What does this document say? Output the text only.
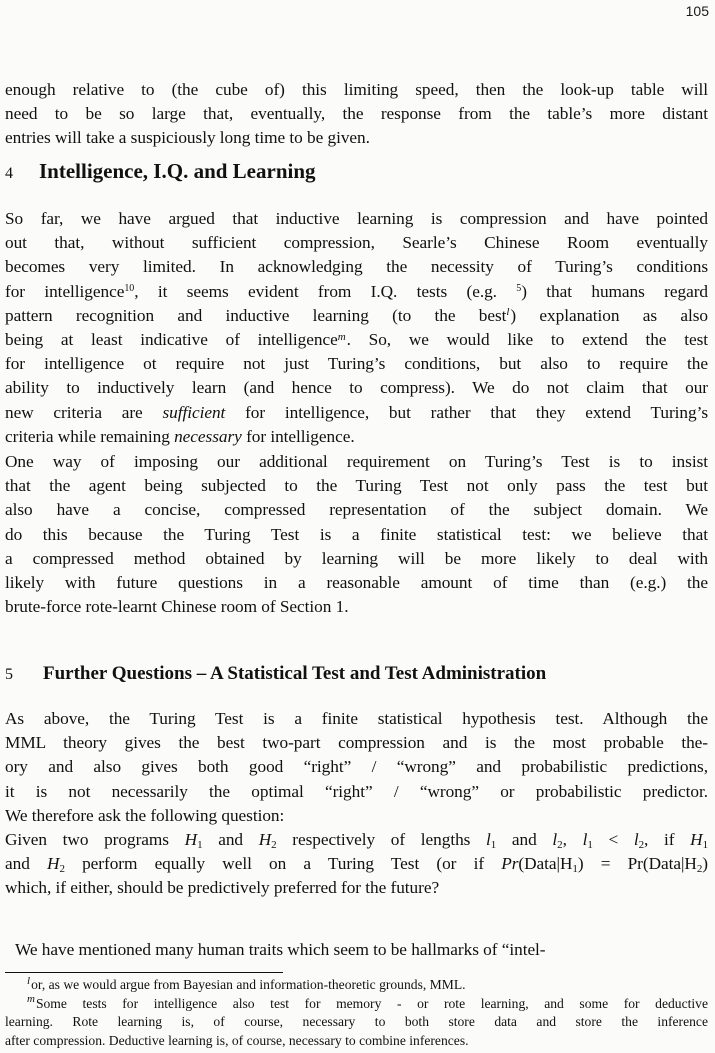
105
enough relative to (the cube of) this limiting speed, then the look-up table will
need to be so large that, eventually, the response from the table’s more distant
entries will take a suspiciously long time to be given.
4 Intelligence, I.Q. and Learning
So far, we have argued that inductive learning is compression and have pointed
out that, without sufficient compression, Searle’s Chinese Room eventually
becomes very limited. In acknowledging the necessity of Turing’s conditions
for intelligence$^{10}$, it seems evident from I.Q. tests (e.g. $^5$) that humans regard
pattern recognition and inductive learning (to the best$^l$) explanation as also
being at least indicative of intelligence$^m$. So, we would like to extend the test
for intelligence ot require not just Turing’s conditions, but also to require the
ability to inductively learn (and hence to compress). We do not claim that our
new criteria are sufficient for intelligence, but rather that they extend Turing’s
criteria while remaining necessary for intelligence.
One way of imposing our additional requirement on Turing’s Test is to insist
that the agent being subjected to the Turing Test not only pass the test but
also have a concise, compressed representation of the subject domain. We
do this because the Turing Test is a finite statistical test: we believe that
a compressed method obtained by learning will be more likely to deal with
likely with future questions in a reasonable amount of time than (e.g.) the
brute-force rote-learnt Chinese room of Section 1.
5 Further Questions – A Statistical Test and Test Administration
As above, the Turing Test is a finite statistical hypothesis test. Although the
MML theory gives the best two-part compression and is the most probable the-
ory and also gives both good “right” / “wrong” and probabilistic predictions,
it is not necessarily the optimal “right” / “wrong” or probabilistic predictor.
We therefore ask the following question:
Given two programs $H_1$ and $H_2$ respectively of lengths $l_1$ and $l_2$, $l_1 < l_2$, if $H_1$
and $H_2$ perform equally well on a Turing Test (or if $Pr(Data|H_1)$ = $Pr(Data|H_2)$
which, if either, should be predictively preferred for the future?
We have mentioned many human traits which seem to be hallmarks of “intel-
$^l$or, as we would argue from Bayesian and information-theoretic grounds, MML.
$^m$Some tests for intelligence also test for memory - or rote learning, and some for deductive
learning. Rote learning is, of course, necessary to both store data and store the inference
after compression. Deductive learning is, of course, necessary to combine inferences.
